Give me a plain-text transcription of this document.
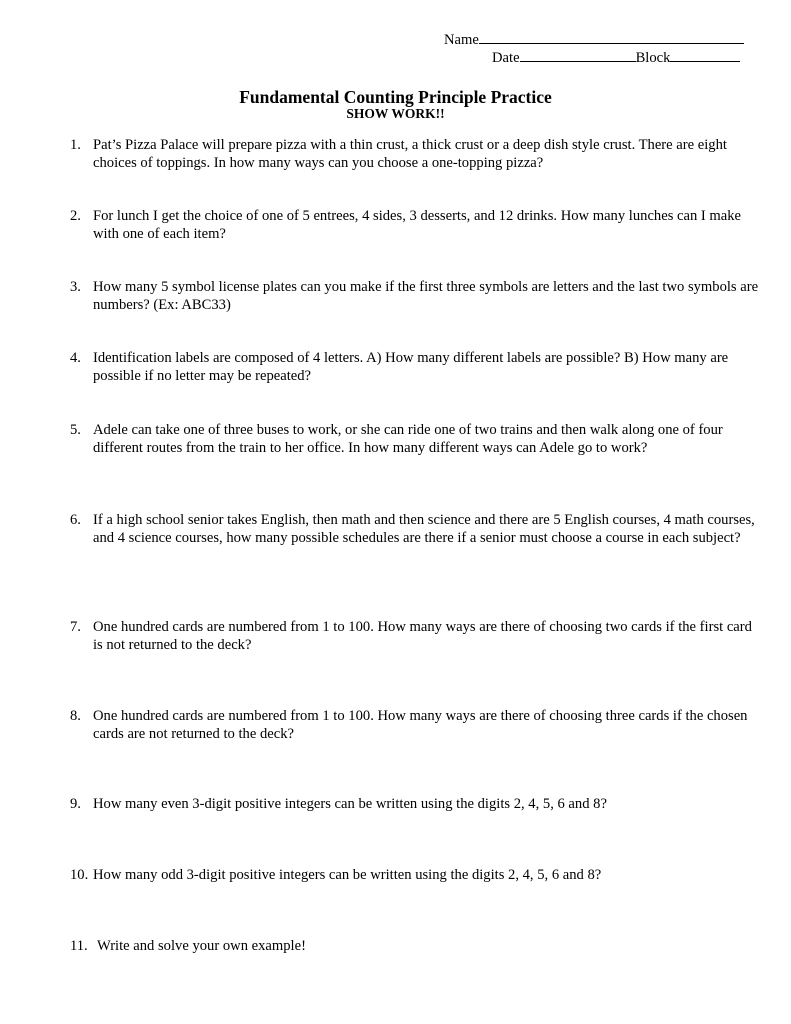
Name
Date	Block
Fundamental Counting Principle Practice
SHOW WORK!!
1. Pat’s Pizza Palace will prepare pizza with a thin crust, a thick crust or a deep dish style crust. There are eight choices of toppings. In how many ways can you choose a one-topping pizza?
2. For lunch I get the choice of one of 5 entrees, 4 sides, 3 desserts, and 12 drinks. How many lunches can I make with one of each item?
3. How many 5 symbol license plates can you make if the first three symbols are letters and the last two symbols are numbers? (Ex: ABC33)
4. Identification labels are composed of 4 letters. A) How many different labels are possible? B) How many are possible if no letter may be repeated?
5. Adele can take one of three buses to work, or she can ride one of two trains and then walk along one of four different routes from the train to her office. In how many different ways can Adele go to work?
6. If a high school senior takes English, then math and then science and there are 5 English courses, 4 math courses, and 4 science courses, how many possible schedules are there if a senior must choose a course in each subject?
7. One hundred cards are numbered from 1 to 100. How many ways are there of choosing two cards if the first card is not returned to the deck?
8. One hundred cards are numbered from 1 to 100. How many ways are there of choosing three cards if the chosen cards are not returned to the deck?
9. How many even 3-digit positive integers can be written using the digits 2, 4, 5, 6 and 8?
10. How many odd 3-digit positive integers can be written using the digits 2, 4, 5, 6 and 8?
11. Write and solve your own example!
